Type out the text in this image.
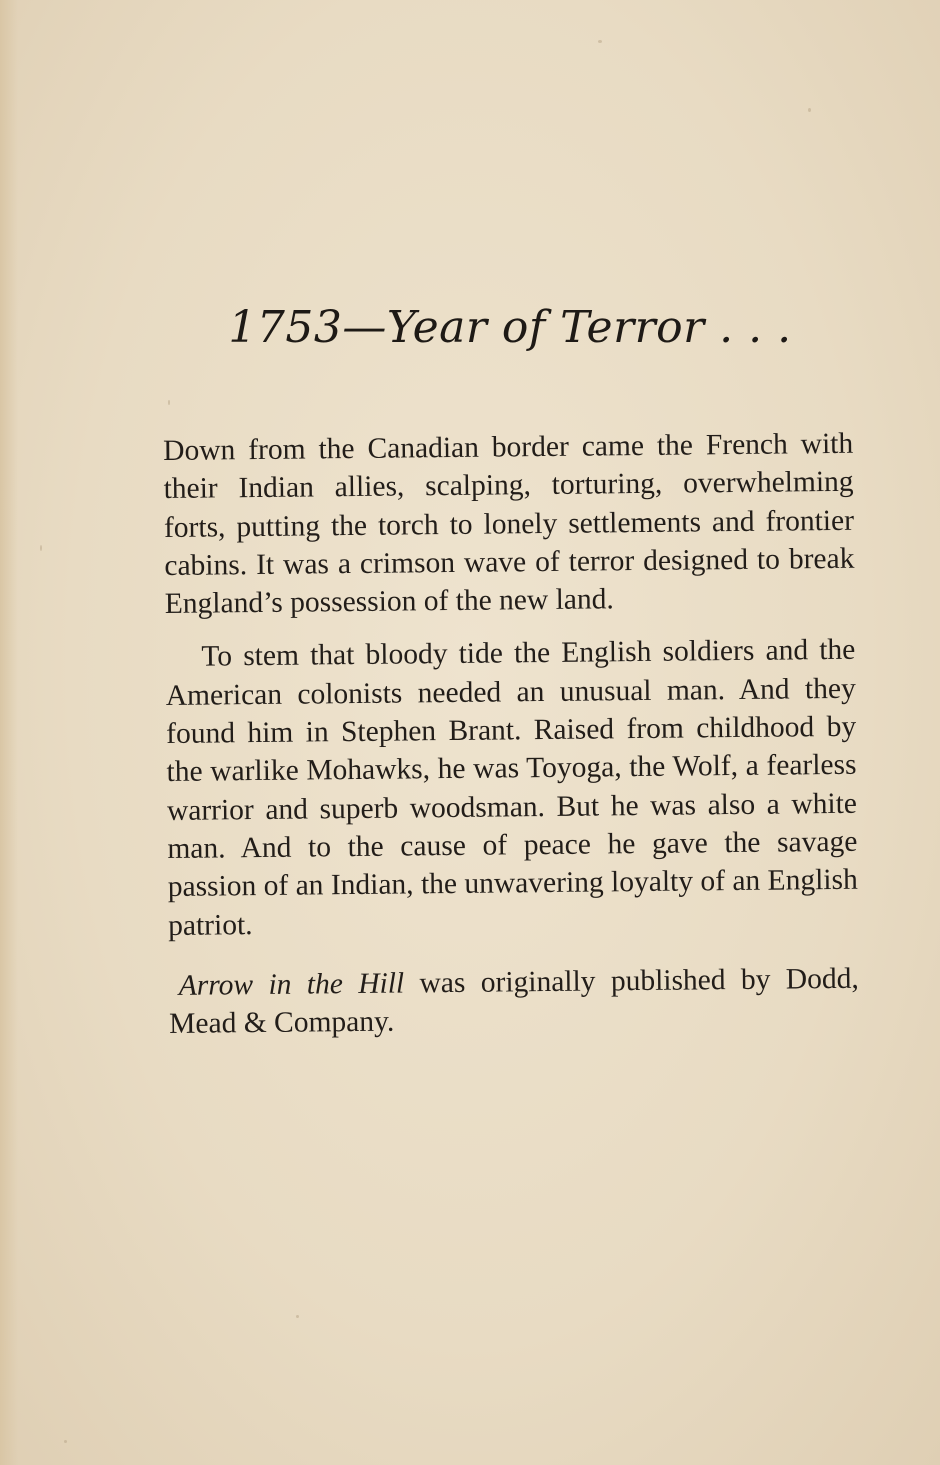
1753—Year of Terror . . .

Down from the Canadian border came the French with their Indian allies, scalping, torturing, overwhelming forts, putting the torch to lonely settlements and frontier cabins. It was a crimson wave of terror designed to break England’s possession of the new land.

To stem that bloody tide the English soldiers and the American colonists needed an unusual man. And they found him in Stephen Brant. Raised from childhood by the warlike Mohawks, he was Toyoga, the Wolf, a fearless warrior and superb woodsman. But he was also a white man. And to the cause of peace he gave the savage passion of an Indian, the unwavering loyalty of an English patriot.

Arrow in the Hill was originally published by Dodd, Mead & Company.
